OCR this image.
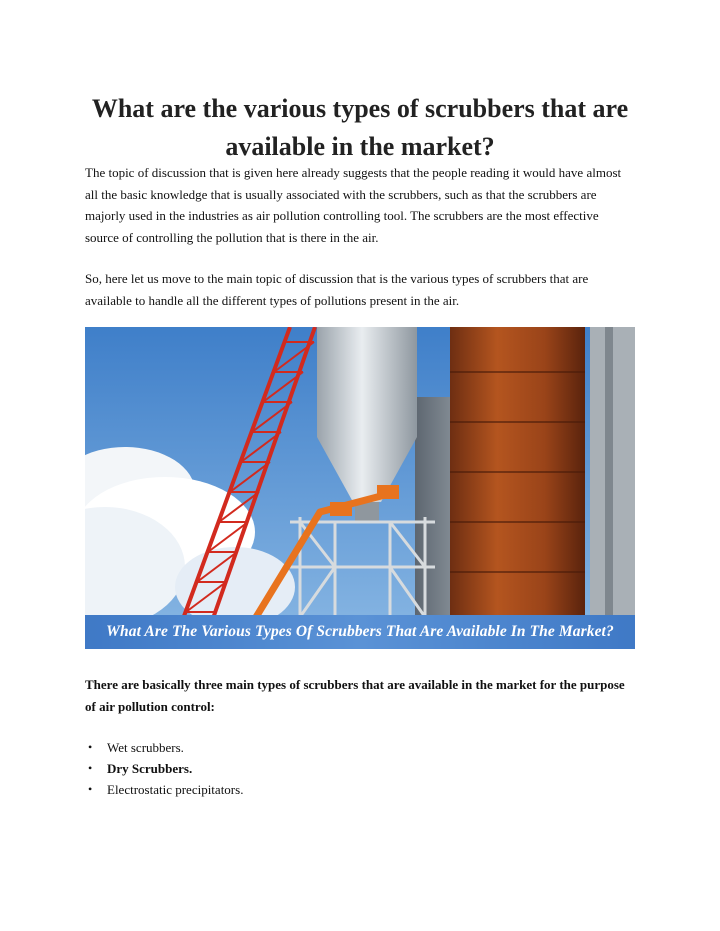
What are the various types of scrubbers that are available in the market?

The topic of discussion that is given here already suggests that the people reading it would have almost all the basic knowledge that is usually associated with the scrubbers, such as that the scrubbers are majorly used in the industries as air pollution controlling tool. The scrubbers are the most effective source of controlling the pollution that is there in the air.

So, here let us move to the main topic of discussion that is the various types of scrubbers that are available to handle all the different types of pollutions present in the air.

What Are The Various Types Of Scrubbers That Are Available In The Market?

There are basically three main types of scrubbers that are available in the market for the purpose of air pollution control:

• Wet scrubbers.
• Dry Scrubbers.
• Electrostatic precipitators.
